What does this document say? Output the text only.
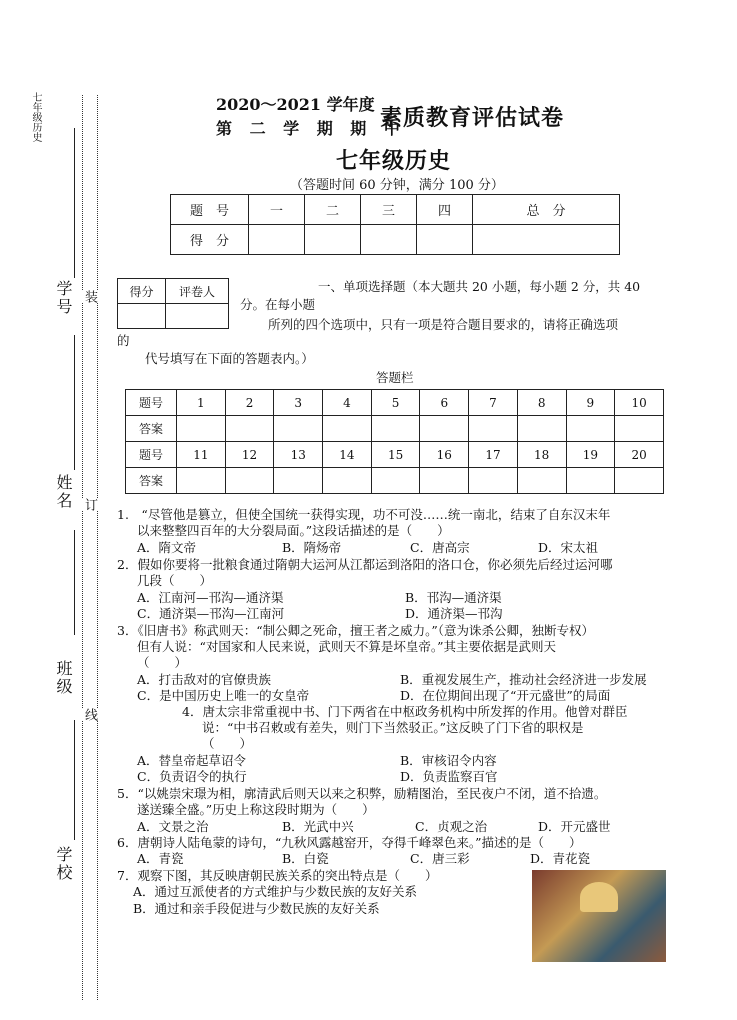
七年级历史
学号
姓名
班级
学校
装
订
线
2020～2021 学年度
第 二 学 期 期 中
素质教育评估试卷
七年级历史
（答题时间 60 分钟，满分 100 分）
题　号	一	二	三	四	总　分
得　分					
得分	评卷人
		一、单项选择题（本大题共 20 小题，每小题 2 分，共 40
分。在每小题
所列的四个选项中，只有一项是符合题目要求的，请将正确选项
的
代号填写在下面的答题表内。）
答题栏
题号	1	2	3	4	5	6	7	8	9	10
答案										
题号	11	12	13	14	15	16	17	18	19	20
答案										
1.　“尽管他是篡立，但使全国统一获得实现，功不可没……统一南北，结束了自东汉末年
以来整整四百年的大分裂局面。”这段话描述的是（　　）
A．隋文帝	B．隋炀帝	C．唐高宗	D．宋太祖
2．假如你要将一批粮食通过隋朝大运河从江都运到洛阳的洛口仓，你必须先后经过运河哪
几段（　　）
A．江南河—邗沟—通济渠	B．邗沟—通济渠
C．通济渠—邗沟—江南河	D．通济渠—邗沟
3．《旧唐书》称武则天：“制公卿之死命，擅王者之威力。”（意为诛杀公卿，独断专权）
但有人说：“对国家和人民来说，武则天不算是坏皇帝。”其主要依据是武则天
（　　）
A．打击敌对的官僚贵族	B．重视发展生产，推动社会经济进一步发展
C．是中国历史上唯一的女皇帝	D．在位期间出现了“开元盛世”的局面
4．唐太宗非常重视中书、门下两省在中枢政务机构中所发挥的作用。他曾对群臣
说：“中书召敕或有差失，则门下当然驳正。”这反映了门下省的职权是
（　　）
A．替皇帝起草诏令	B．审核诏令内容
C．负责诏令的执行	D．负责监察百官
5．“以姚崇宋璟为相，廓清武后则天以来之积弊，励精图治，至民夜户不闭，道不拾遗。
遂送臻全盛。”历史上称这段时期为（　　）
A．文景之治	B．光武中兴	C．贞观之治	D．开元盛世
6．唐朝诗人陆龟蒙的诗句，“九秋风露越窑开，夺得千峰翠色来。”描述的是（　　）
A．青瓷	B．白瓷	C．唐三彩	D．青花瓷
7．观察下图，其反映唐朝民族关系的突出特点是（　　）
A．通过互派使者的方式维护与少数民族的友好关系
B．通过和亲手段促进与少数民族的友好关系
